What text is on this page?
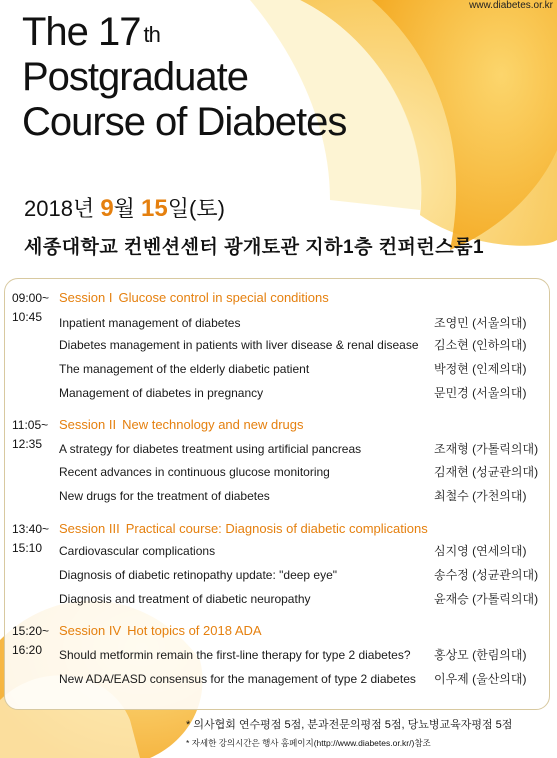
www.diabetes.or.kr
The 17 $^{th}$
Postgraduate
Course of Diabetes
2018년 9월 15일(토)
세종대학교 컨벤션센터 광개토관 지하1층 컨퍼런스룸1
09:00~
10:45
Session I Glucose control in special conditions
Inpatient management of diabetes	조영민 (서울의대)
Diabetes management in patients with liver disease & renal disease 김소현 (인하의대)
The management of the elderly diabetic patient	박정현 (인제의대)
Management of diabetes in pregnancy	문민경 (서울의대)
11:05~
12:35
Session II New technology and new drugs
A strategy for diabetes treatment using artificial pancreas	조재형 (가톨릭의대)
Recent advances in continuous glucose monitoring	김재현 (성균관의대)
New drugs for the treatment of diabetes	최철수 (가천의대)
13:40~
15:10
Session III Practical course: Diagnosis of diabetic complications
Cardiovascular complications	심지영 (연세의대)
Diagnosis of diabetic retinopathy update: "deep eye"	송수정 (성균관의대)
Diagnosis and treatment of diabetic neuropathy	윤재승 (가톨릭의대)
15:20~
16:20
Session IV Hot topics of 2018 ADA
Should metformin remain the first-line therapy for type 2 diabetes? 홍상모 (한림의대)
New ADA/EASD consensus for the management of type 2 diabetes 이우제 (울산의대)
* 의사협회 연수평점 5점, 분과전문의평점 5점, 당뇨병교육자평점 5점
* 자세한 강의시간은 행사 홈페이지(http://www.diabetes.or.kr/)참조
